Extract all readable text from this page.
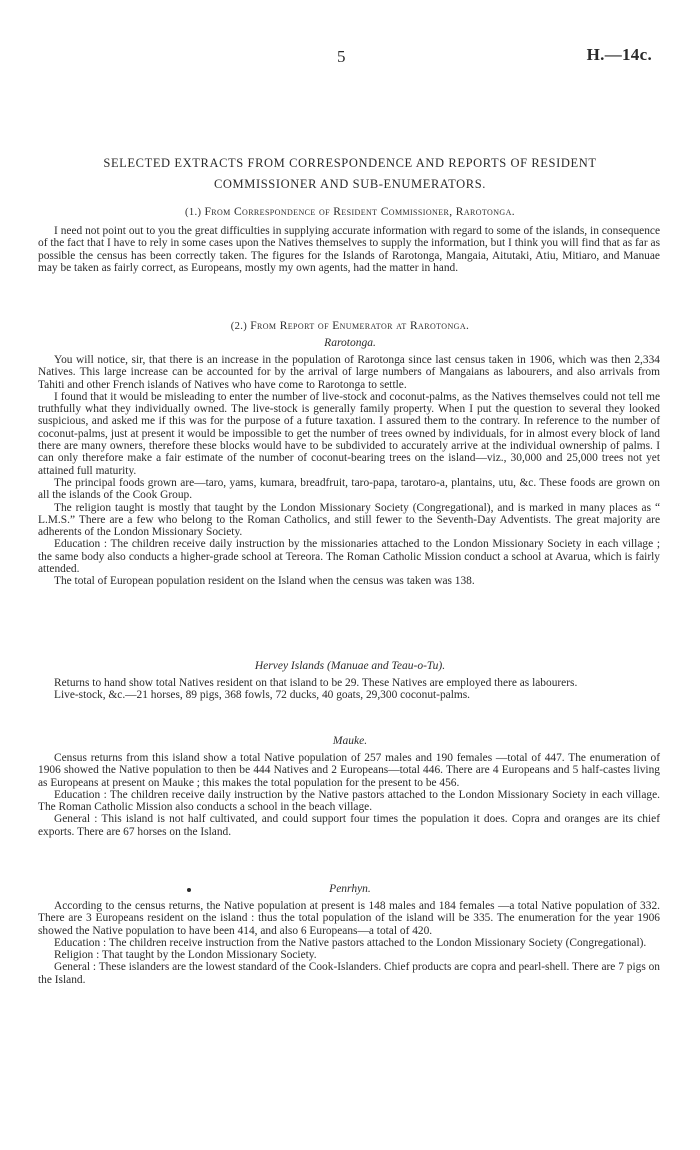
5	H.—14c.
SELECTED EXTRACTS FROM CORRESPONDENCE AND REPORTS OF RESIDENT
COMMISSIONER AND SUB-ENUMERATORS.
(1.) From Correspondence of Resident Commissioner, Rarotonga.

I need not point out to you the great difficulties in supplying accurate information with regard to some of the islands, in consequence of the fact that I have to rely in some cases upon the Natives themselves to supply the information, but I think you will find that as far as possible the census has been correctly taken. The figures for the Islands of Rarotonga, Mangaia, Aitutaki, Atiu, Mitiaro, and Manuae may be taken as fairly correct, as Europeans, mostly my own agents, had the matter in hand.

(2.) From Report of Enumerator at Rarotonga.
Rarotonga.

You will notice, sir, that there is an increase in the population of Rarotonga since last census taken in 1906, which was then 2,334 Natives. This large increase can be accounted for by the arrival of large numbers of Mangaians as labourers, and also arrivals from Tahiti and other French islands of Natives who have come to Rarotonga to settle.

I found that it would be misleading to enter the number of live-stock and coconut-palms, as the Natives themselves could not tell me truthfully what they individually owned. The live-stock is generally family property. When I put the question to several they looked suspicious, and asked me if this was for the purpose of a future taxation. I assured them to the contrary. In reference to the number of coconut-palms, just at present it would be impossible to get the number of trees owned by individuals, for in almost every block of land there are many owners, therefore these blocks would have to be subdivided to accurately arrive at the individual ownership of palms. I can only therefore make a fair estimate of the number of coconut-bearing trees on the island—viz., 30,000 and 25,000 trees not yet attained full maturity.

The principal foods grown are—taro, yams, kumara, breadfruit, taro-papa, tarotaro-a, plantains, utu, &c. These foods are grown on all the islands of the Cook Group.

The religion taught is mostly that taught by the London Missionary Society (Congregational), and is marked in many places as “ L.M.S.” There are a few who belong to the Roman Catholics, and still fewer to the Seventh-Day Adventists. The great majority are adherents of the London Missionary Society.

Education : The children receive daily instruction by the missionaries attached to the London Missionary Society in each village ; the same body also conducts a higher-grade school at Tereora. The Roman Catholic Mission conduct a school at Avarua, which is fairly attended.

The total of European population resident on the Island when the census was taken was 138.

Hervey Islands (Manuae and Teau-o-Tu).

Returns to hand show total Natives resident on that island to be 29. These Natives are employed there as labourers.

Live-stock, &c.—21 horses, 89 pigs, 368 fowls, 72 ducks, 40 goats, 29,300 coconut-palms.

Mauke.

Census returns from this island show a total Native population of 257 males and 190 females —total of 447. The enumeration of 1906 showed the Native population to then be 444 Natives and 2 Europeans—total 446. There are 4 Europeans and 5 half-castes living as Europeans at present on Mauke ; this makes the total population for the present to be 456.

Education : The children receive daily instruction by the Native pastors attached to the London Missionary Society in each village. The Roman Catholic Mission also conducts a school in the beach village.

General : This island is not half cultivated, and could support four times the population it does. Copra and oranges are its chief exports. There are 67 horses on the Island.

Penrhyn.

According to the census returns, the Native population at present is 148 males and 184 females —a total Native population of 332. There are 3 Europeans resident on the island : thus the total population of the island will be 335. The enumeration for the year 1906 showed the Native population to have been 414, and also 6 Europeans—a total of 420.

Education : The children receive instruction from the Native pastors attached to the London Missionary Society (Congregational).

Religion : That taught by the London Missionary Society.

General : These islanders are the lowest standard of the Cook-Islanders. Chief products are copra and pearl-shell. There are 7 pigs on the Island.
